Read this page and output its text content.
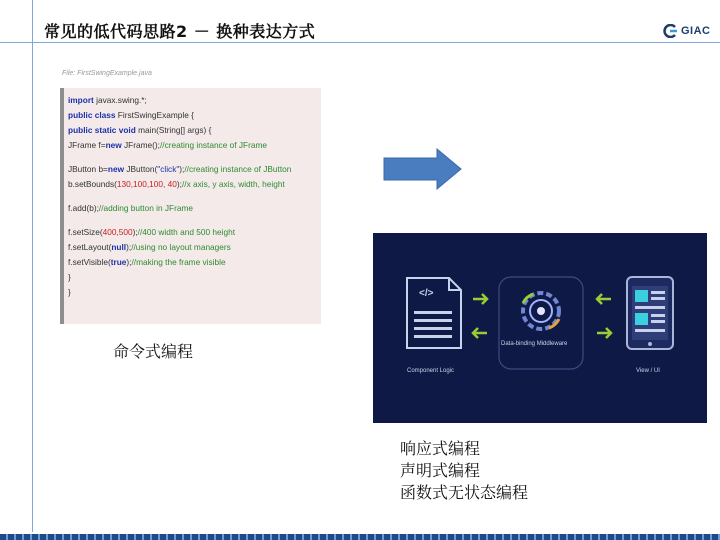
常见的低代码思路2 － 换种表达方式	GIAC
File: FirstSwingExample.java
import javax.swing.*;
public class FirstSwingExample {
public static void main(String[] args) {
JFrame f=new JFrame();//creating instance of JFrame
JButton b=new JButton("click");//creating instance of JButton
b.setBounds(130,100,100, 40);//x axis, y axis, width, height
f.add(b);//adding button in JFrame
f.setSize(400,500);//400 width and 500 height
f.setLayout(null);//using no layout managers
f.setVisible(true);//making the frame visible
}
}
命令式编程
</>
Data-binding Middleware
Component Logic	View / UI
响应式编程
声明式编程
函数式无状态编程
